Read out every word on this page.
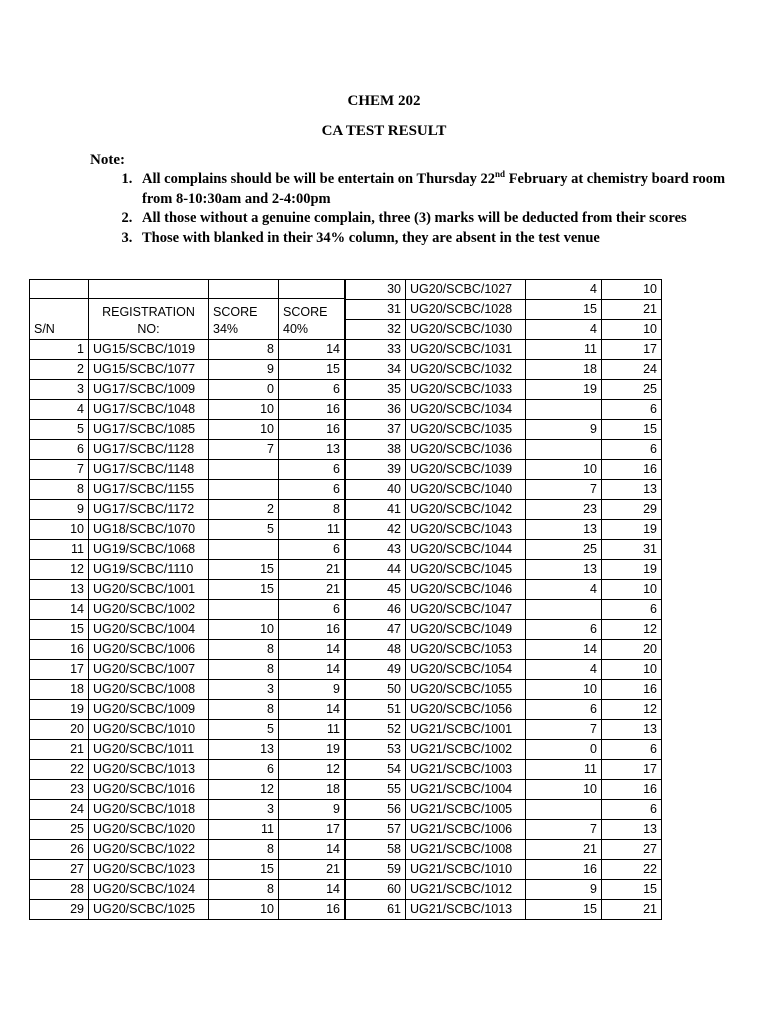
CHEM 202
CA TEST RESULT
Note:
1. All complains should be will be entertain on Thursday 22nd February at chemistry board room from 8-10:30am and 2-4:00pm
2. All those without a genuine complain, three (3) marks will be deducted from their scores
3. Those with blanked in their 34% column, they are absent in the test venue

S/N	REGISTRATION NO:	SCORE 34%	SCORE 40%
1	UG15/SCBC/1019	8	14
2	UG15/SCBC/1077	9	15
3	UG17/SCBC/1009	0	6
4	UG17/SCBC/1048	10	16
5	UG17/SCBC/1085	10	16
6	UG17/SCBC/1128	7	13
7	UG17/SCBC/1148		6
8	UG17/SCBC/1155		6
9	UG17/SCBC/1172	2	8
10	UG18/SCBC/1070	5	11
11	UG19/SCBC/1068		6
12	UG19/SCBC/1110	15	21
13	UG20/SCBC/1001	15	21
14	UG20/SCBC/1002		6
15	UG20/SCBC/1004	10	16
16	UG20/SCBC/1006	8	14
17	UG20/SCBC/1007	8	14
18	UG20/SCBC/1008	3	9
19	UG20/SCBC/1009	8	14
20	UG20/SCBC/1010	5	11
21	UG20/SCBC/1011	13	19
22	UG20/SCBC/1013	6	12
23	UG20/SCBC/1016	12	18
24	UG20/SCBC/1018	3	9
25	UG20/SCBC/1020	11	17
26	UG20/SCBC/1022	8	14
27	UG20/SCBC/1023	15	21
28	UG20/SCBC/1024	8	14
29	UG20/SCBC/1025	10	16
30	UG20/SCBC/1027	4	10
31	UG20/SCBC/1028	15	21
32	UG20/SCBC/1030	4	10
33	UG20/SCBC/1031	11	17
34	UG20/SCBC/1032	18	24
35	UG20/SCBC/1033	19	25
36	UG20/SCBC/1034		6
37	UG20/SCBC/1035	9	15
38	UG20/SCBC/1036		6
39	UG20/SCBC/1039	10	16
40	UG20/SCBC/1040	7	13
41	UG20/SCBC/1042	23	29
42	UG20/SCBC/1043	13	19
43	UG20/SCBC/1044	25	31
44	UG20/SCBC/1045	13	19
45	UG20/SCBC/1046	4	10
46	UG20/SCBC/1047		6
47	UG20/SCBC/1049	6	12
48	UG20/SCBC/1053	14	20
49	UG20/SCBC/1054	4	10
50	UG20/SCBC/1055	10	16
51	UG20/SCBC/1056	6	12
52	UG21/SCBC/1001	7	13
53	UG21/SCBC/1002	0	6
54	UG21/SCBC/1003	11	17
55	UG21/SCBC/1004	10	16
56	UG21/SCBC/1005		6
57	UG21/SCBC/1006	7	13
58	UG21/SCBC/1008	21	27
59	UG21/SCBC/1010	16	22
60	UG21/SCBC/1012	9	15
61	UG21/SCBC/1013	15	21
